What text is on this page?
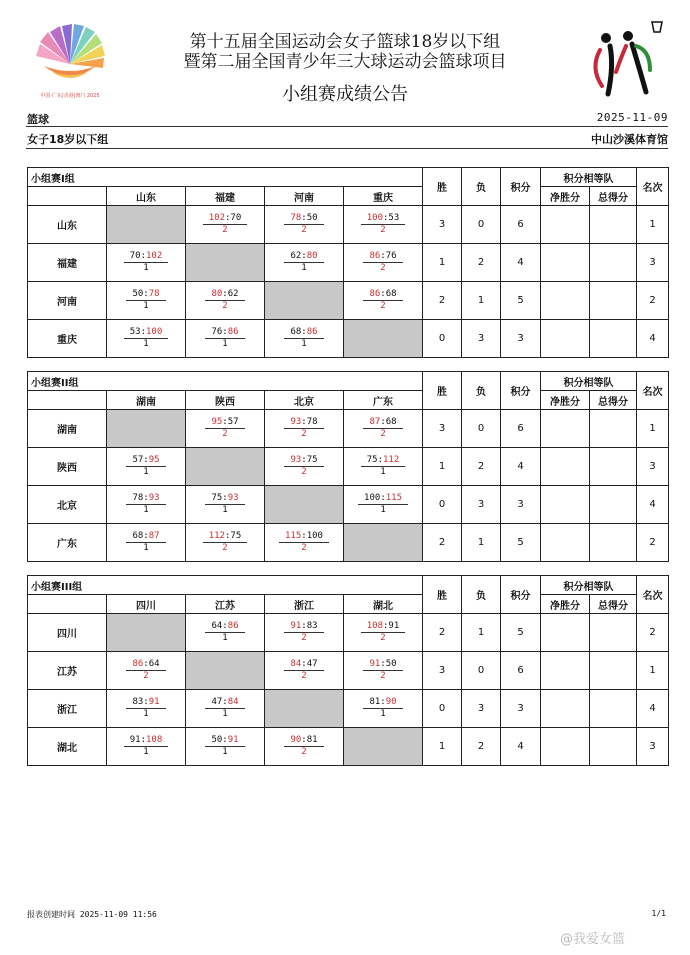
中国·广东|香港|澳门 2025
第十五届全国运动会女子篮球18岁以下组
暨第二届全国青少年三大球运动会篮球项目
小组赛成绩公告
篮球	2025-11-09
女子18岁以下组	中山沙溪体育馆
小组赛I组					胜	负	积分	积分相等队		名次
	山东	福建	河南	重庆				净胜分	总得分	
山东		$\frac{102:70}{2}$	$\frac{78:50}{2}$	$\frac{100:53}{2}$	3	0	6			1
福建	$\frac{70:102}{1}$		$\frac{62:80}{1}$	$\frac{86:76}{2}$	1	2	4			3
河南	$\frac{50:78}{1}$	$\frac{80:62}{2}$		$\frac{86:68}{2}$	2	1	5			2
重庆	$\frac{53:100}{1}$	$\frac{76:86}{1}$	$\frac{68:86}{1}$		0	3	3			4
小组赛II组					胜	负	积分	积分相等队		名次
	湖南	陕西	北京	广东				净胜分	总得分	
湖南		$\frac{95:57}{2}$	$\frac{93:78}{2}$	$\frac{87:68}{2}$	3	0	6			1
陕西	$\frac{57:95}{1}$		$\frac{93:75}{2}$	$\frac{75:112}{1}$	1	2	4			3
北京	$\frac{78:93}{1}$	$\frac{75:93}{1}$		$\frac{100:115}{1}$	0	3	3			4
广东	$\frac{68:87}{1}$	$\frac{112:75}{2}$	$\frac{115:100}{2}$		2	1	5			2
小组赛III组					胜	负	积分	积分相等队		名次
	四川	江苏	浙江	湖北				净胜分	总得分	
四川		$\frac{64:86}{1}$	$\frac{91:83}{2}$	$\frac{108:91}{2}$	2	1	5			2
江苏	$\frac{86:64}{2}$		$\frac{84:47}{2}$	$\frac{91:50}{2}$	3	0	6			1
浙江	$\frac{83:91}{1}$	$\frac{47:84}{1}$		$\frac{81:90}{1}$	0	3	3			4
湖北	$\frac{91:108}{1}$	$\frac{50:91}{1}$	$\frac{90:81}{2}$		1	2	4			3
报表创建时间 2025-11-09 11:56	1/1
@我爱女篮
